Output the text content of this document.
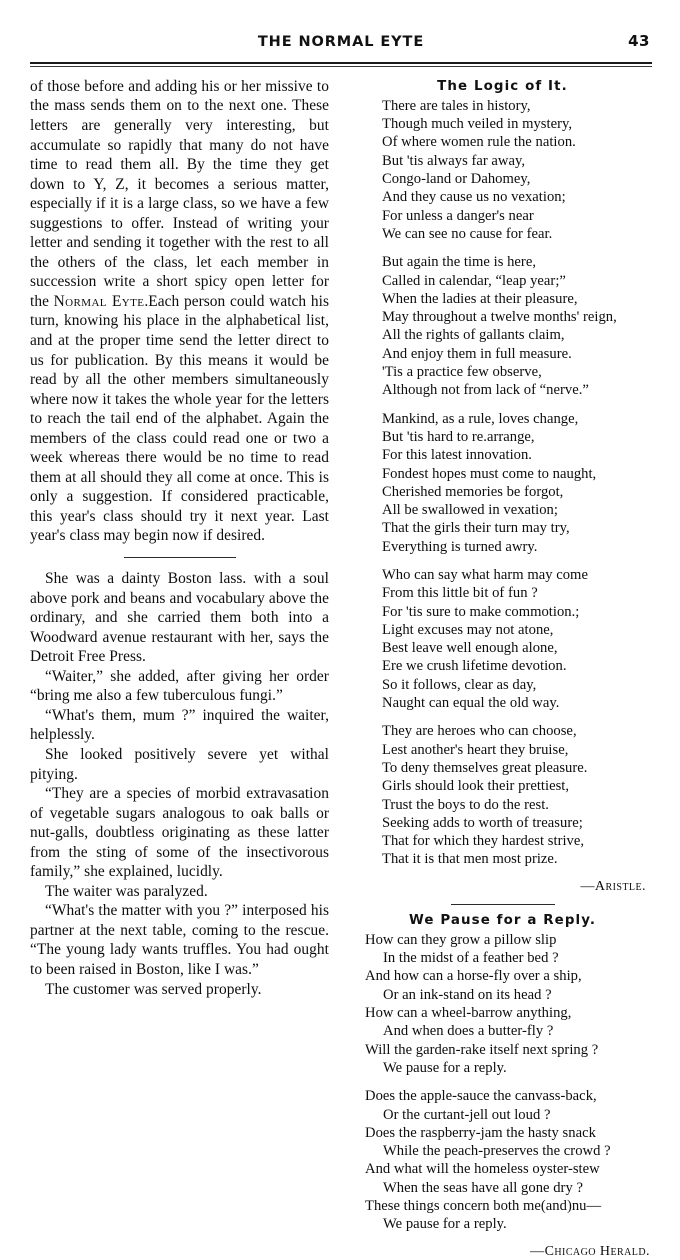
THE NORMAL EYTE	43

of those before and adding his or her missive to the mass sends them on to the next one. These letters are generally very interesting, but accumulate so rapidly that many do not have time to read them all. By the time they get down to Y, Z, it becomes a serious matter, especially if it is a large class, so we have a few suggestions to offer. Instead of writing your letter and sending it together with the rest to all the others of the class, let each member in succession write a short spicy open letter for the Normal Eyte.Each person could watch his turn, knowing his place in the alphabetical list, and at the proper time send the letter direct to us for publication. By this means it would be read by all the other members simultaneously where now it takes the whole year for the letters to reach the tail end of the alphabet. Again the members of the class could read one or two a week whereas there would be no time to read them at all should they all come at once. This is only a suggestion. If considered practicable, this year's class should try it next year. Last year's class may begin now if desired.

She was a dainty Boston lass. with a soul above pork and beans and vocabulary above the ordinary, and she carried them both into a Woodward avenue restaurant with her, says the Detroit Free Press.

“Waiter,” she added, after giving her order “bring me also a few tuberculous fungi.”

“What's them, mum ?” inquired the waiter, helplessly.

She looked positively severe yet withal pitying.

“They are a species of morbid extravasation of vegetable sugars analogous to oak balls or nut-galls, doubtless originating as these latter from the sting of some of the insectivorous family,” she explained, lucidly.

The waiter was paralyzed.

“What's the matter with you ?” interposed his partner at the next table, coming to the rescue. “The young lady wants truffles. You had ought to been raised in Boston, like I was.”

The customer was served properly.

The Logic of It.
There are tales in history,
Though much veiled in mystery,
Of where women rule the nation.
But 'tis always far away,
Congo-land or Dahomey,
And they cause us no vexation;
For unless a danger's near
We can see no cause for fear.
But again the time is here,
Called in calendar, “leap year;”
When the ladies at their pleasure,
May throughout a twelve months' reign,
All the rights of gallants claim,
And enjoy them in full measure.
'Tis a practice few observe,
Although not from lack of “nerve.”
Mankind, as a rule, loves change,
But 'tis hard to re.arrange,
For this latest innovation.
Fondest hopes must come to naught,
Cherished memories be forgot,
All be swallowed in vexation;
That the girls their turn may try,
Everything is turned awry.
Who can say what harm may come
From this little bit of fun ?
For 'tis sure to make commotion.;
Light excuses may not atone,
Best leave well enough alone,
Ere we crush lifetime devotion.
So it follows, clear as day,
Naught can equal the old way.
They are heroes who can choose,
Lest another's heart they bruise,
To deny themselves great pleasure.
Girls should look their prettiest,
Trust the boys to do the rest.
Seeking adds to worth of treasure;
That for which they hardest strive,
That it is that men most prize.
—Aristle.
We Pause for a Reply.
How can they grow a pillow slip
In the midst of a feather bed ?
And how can a horse-fly over a ship,
Or an ink-stand on its head ?
How can a wheel-barrow anything,
And when does a butter-fly ?
Will the garden-rake itself next spring ?
We pause for a reply.
Does the apple-sauce the canvass-back,
Or the curtant-jell out loud ?
Does the raspberry-jam the hasty snack
While the peach-preserves the crowd ?
And what will the homeless oyster-stew
When the seas have all gone dry ?
These things concern both me(and)nu—
We pause for a reply.
—Chicago Herald.
